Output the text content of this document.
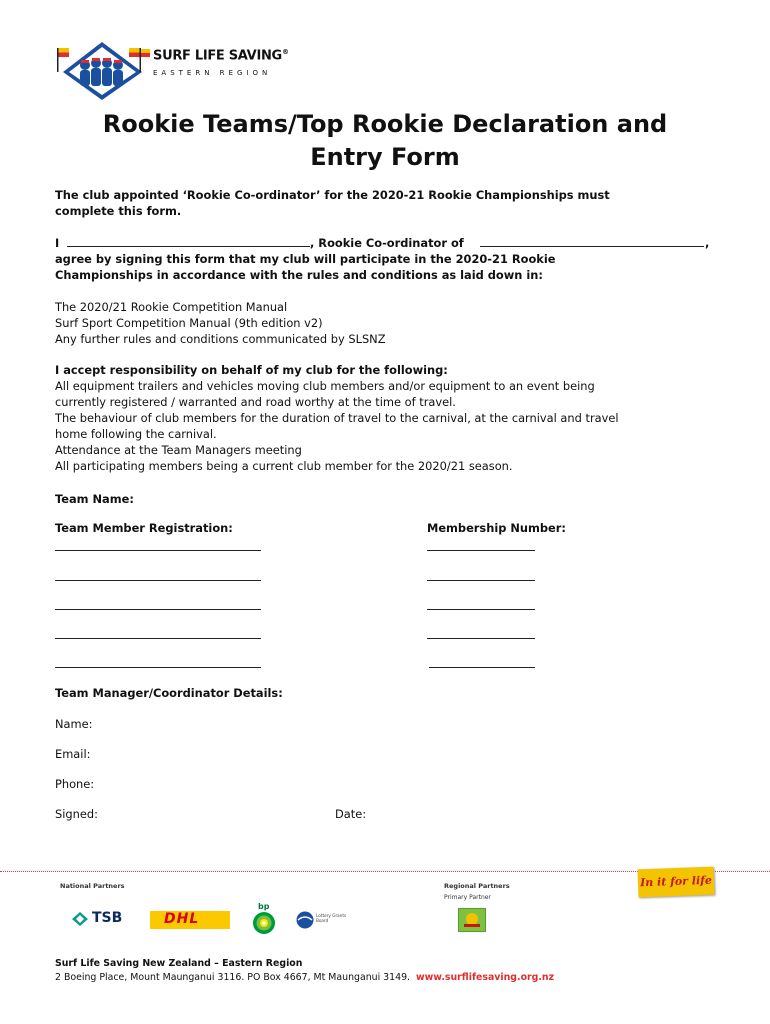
SURF LIFE SAVING®
EASTERN REGION
Rookie Teams/Top Rookie Declaration and
Entry Form
The club appointed ‘Rookie Co-ordinator’ for the 2020-21 Rookie Championships must
complete this form.
I	, Rookie Co-ordinator of	,
agree by signing this form that my club will participate in the 2020-21 Rookie
Championships in accordance with the rules and conditions as laid down in:
The 2020/21 Rookie Competition Manual
Surf Sport Competition Manual (9th edition v2)
Any further rules and conditions communicated by SLSNZ
I accept responsibility on behalf of my club for the following:
All equipment trailers and vehicles moving club members and/or equipment to an event being
currently registered / warranted and road worthy at the time of travel.
The behaviour of club members for the duration of travel to the carnival, at the carnival and travel
home following the carnival.
Attendance at the Team Managers meeting
All participating members being a current club member for the 2020/21 season.
Team Name:
Team Member Registration:	Membership Number:
Team Manager/Coordinator Details:
Name:
Email:
Phone:
Signed:	Date:
National Partners	Regional Partners
Primary Partner
In it for life
TSB	DHL
bp
Lottery Grants Board
Surf Life Saving New Zealand – Eastern Region
2 Boeing Place, Mount Maunganui 3116. PO Box 4667, Mt Maunganui 3149. www.surflifesaving.org.nz
